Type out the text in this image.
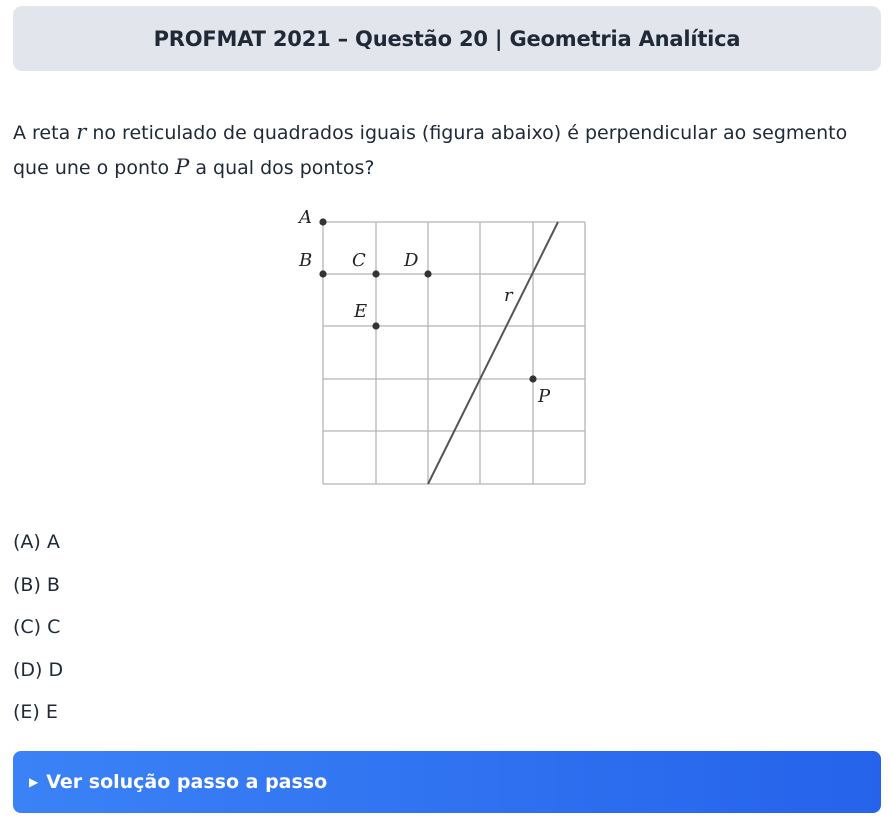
PROFMAT 2021 – Questão 20 | Geometria Analítica

A reta r no reticulado de quadrados iguais (figura abaixo) é perpendicular ao segmento que une o ponto P a qual dos pontos?

A
B C D
E
P
r
(A) A
(B) B
(C) C
(D) D
(E) E
▶ Ver solução passo a passo
